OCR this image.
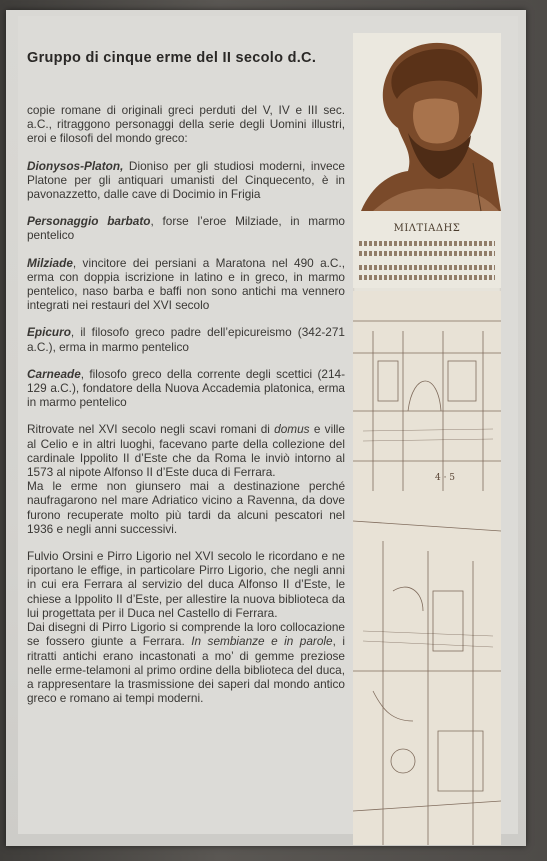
Gruppo di cinque erme del II secolo d.C.

copie romane di originali greci perduti del V, IV e III sec. a.C., ritraggono personaggi della serie degli Uomini illustri, eroi e filosofi del mondo greco:

Dionysos-Platon, Dioniso per gli studiosi moderni, invece Platone per gli antiquari umanisti del Cinquecento, è in pavonazzetto, dalle cave di Docimio in Frigia

Personaggio barbato, forse l’eroe Milziade, in marmo pentelico

Milziade, vincitore dei persiani a Maratona nel 490 a.C., erma con doppia iscrizione in latino e in greco, in marmo pentelico, naso barba e baffi non sono antichi ma vennero integrati nei restauri del XVI secolo

Epicuro, il filosofo greco padre dell’epicureismo (342-271 a.C.), erma in marmo pentelico

Carneade, filosofo greco della corrente degli scettici (214-129 a.C.), fondatore della Nuova Accademia platonica, erma in marmo pentelico

Ritrovate nel XVI secolo negli scavi romani di domus e ville al Celio e in altri luoghi, facevano parte della collezione del cardinale Ippolito II d’Este che da Roma le inviò intorno al 1573 al nipote Alfonso II d’Este duca di Ferrara.

Ma le erme non giunsero mai a destinazione perché naufragarono nel mare Adriatico vicino a Ravenna, da dove furono recuperate molto più tardi da alcuni pescatori nel 1936 e negli anni successivi.

Fulvio Orsini e Pirro Ligorio nel XVI secolo le ricordano e ne riportano le effige, in particolare Pirro Ligorio, che negli anni in cui era Ferrara al servizio del duca Alfonso II d’Este, le chiese a Ippolito II d’Este, per allestire la nuova biblioteca da lui progettata per il Duca nel Castello di Ferrara.

Dai disegni di Pirro Ligorio si comprende la loro collocazione se fossero giunte a Ferrara. In sembianze e in parole, i ritratti antichi erano incastonati a mo’ di gemme preziose nelle erme-telamoni al primo ordine della biblioteca del duca, a rappresentare la trasmissione dei saperi dal mondo antico greco e romano ai tempi moderni.

ΜΙΛΤΙΑΔΗΣ
4 · 5
